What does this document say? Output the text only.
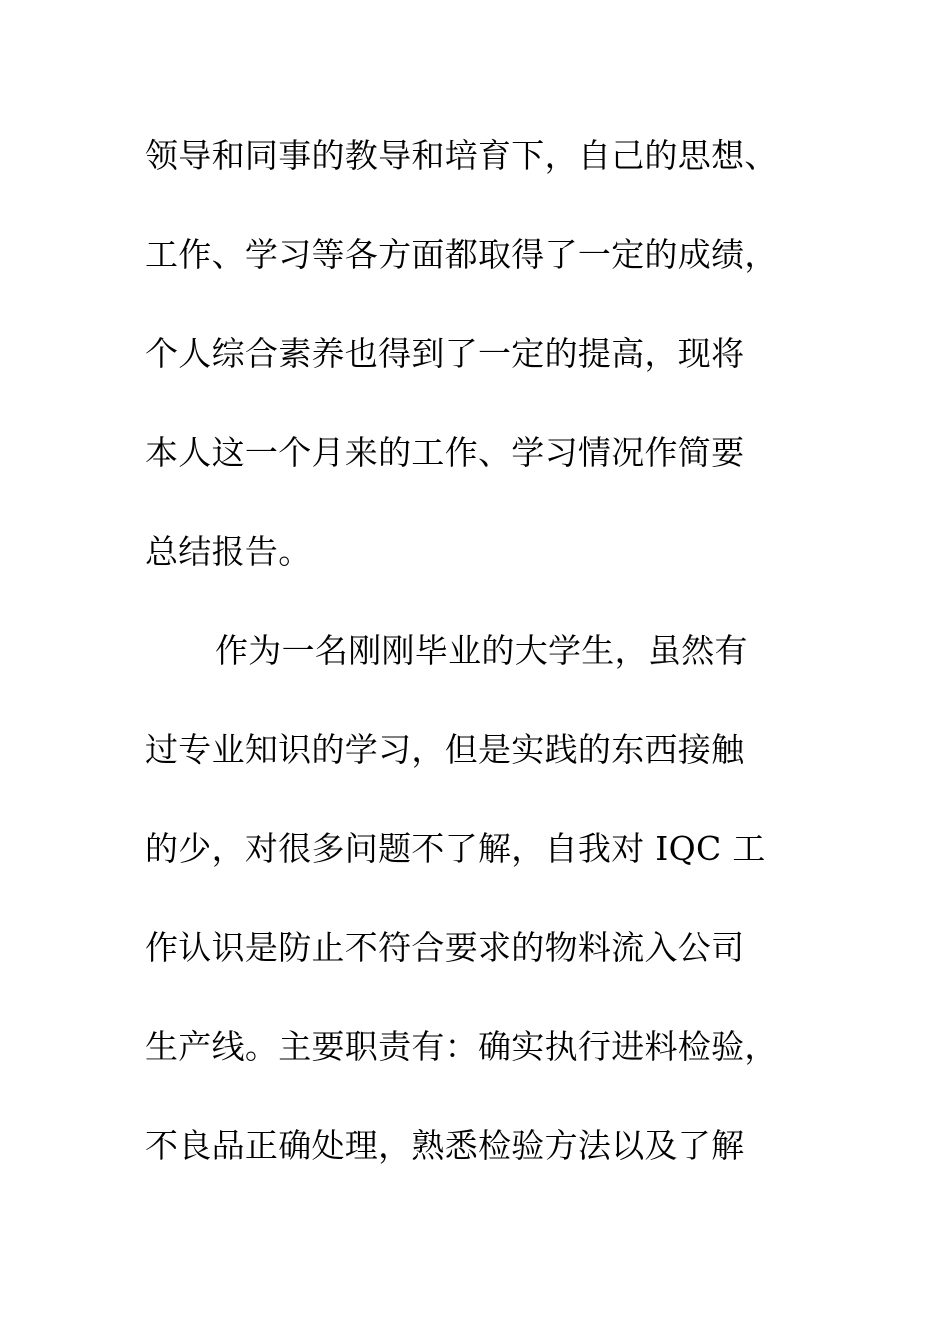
领导和同事的教导和培育下，自己的思想、
工作、学习等各方面都取得了一定的成绩，
个人综合素养也得到了一定的提高，现将
本人这一个月来的工作、学习情况作简要
总结报告。
作为一名刚刚毕业的大学生，虽然有
过专业知识的学习，但是实践的东西接触
的少，对很多问题不了解，自我对 IQC 工
作认识是防止不符合要求的物料流入公司
生产线。主要职责有：确实执行进料检验，
不良品正确处理，熟悉检验方法以及了解
